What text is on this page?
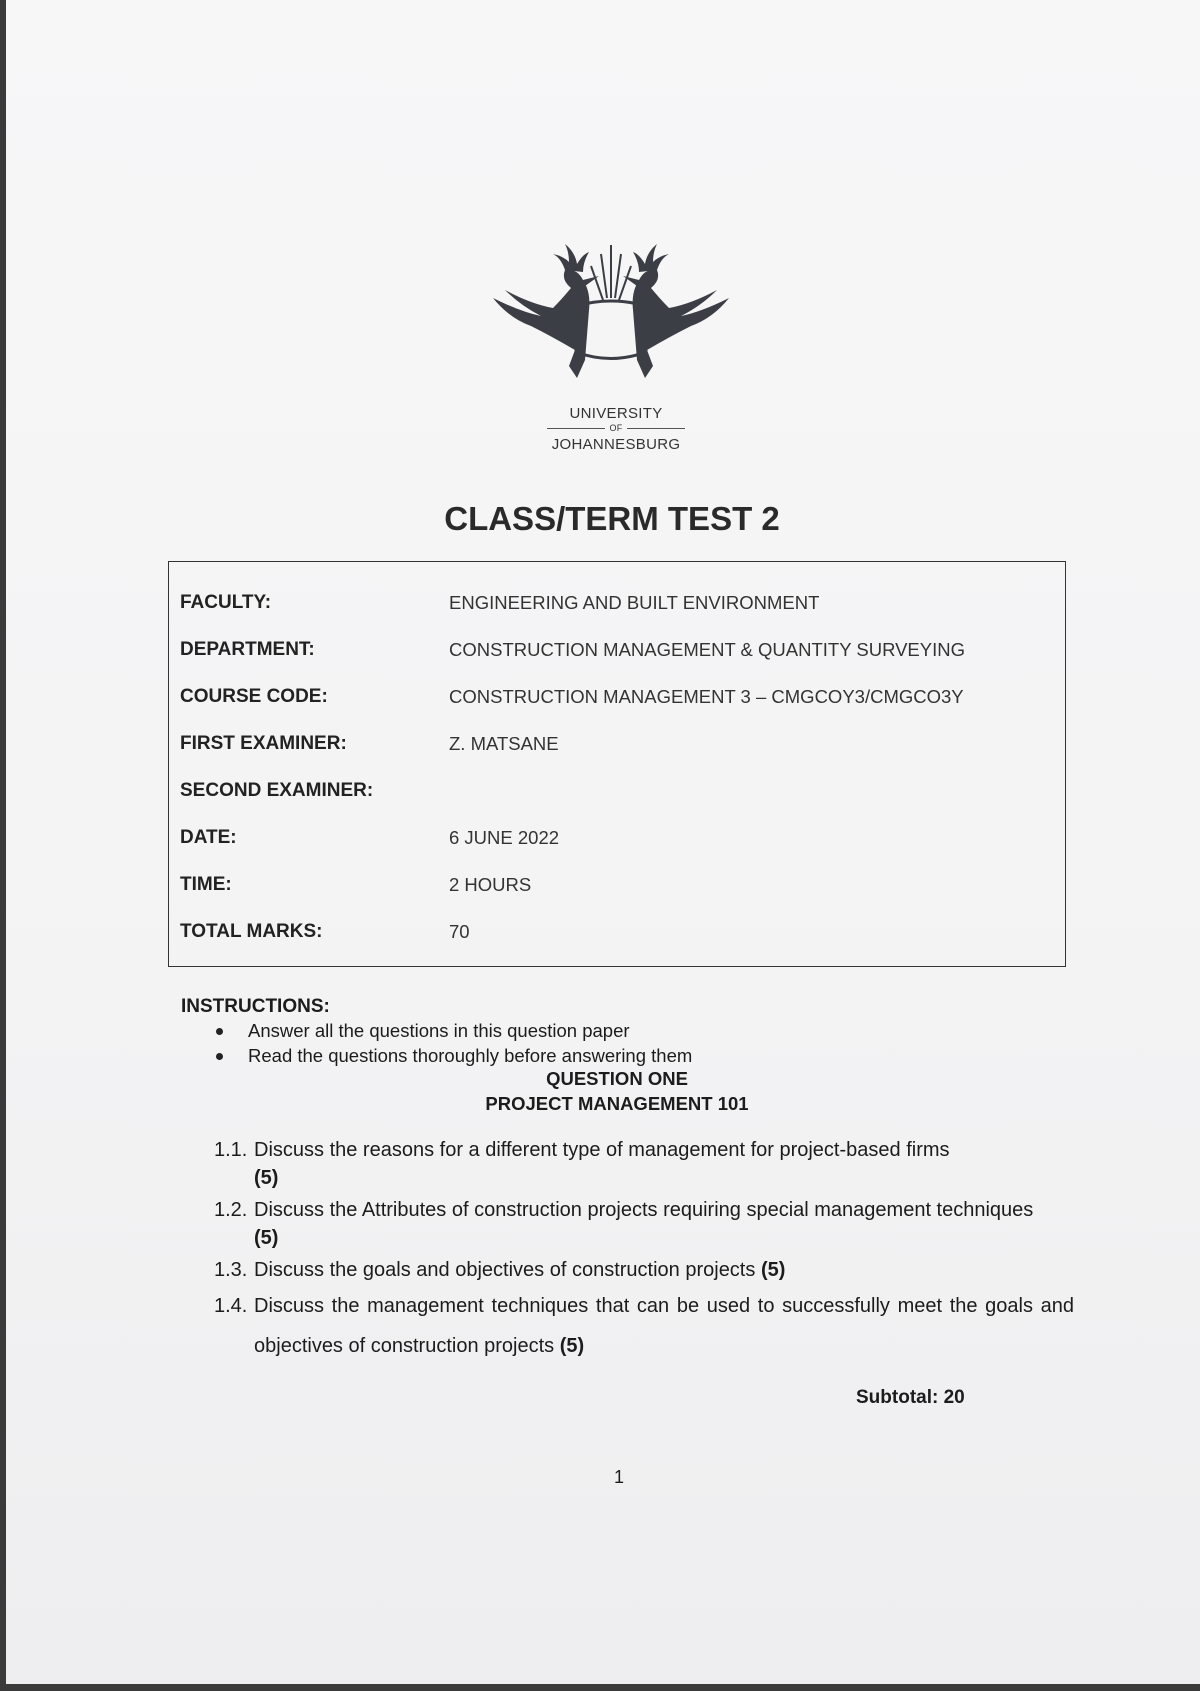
UNIVERSITY
OF
JOHANNESBURG
CLASS/TERM TEST 2
FACULTY:	ENGINEERING AND BUILT ENVIRONMENT
DEPARTMENT:	CONSTRUCTION MANAGEMENT & QUANTITY SURVEYING
COURSE CODE:	CONSTRUCTION MANAGEMENT 3 – CMGCOY3/CMGCO3Y
FIRST EXAMINER:	Z. MATSANE
SECOND EXAMINER:
DATE:	6 JUNE 2022
TIME:	2 HOURS
TOTAL MARKS:	70
INSTRUCTIONS:
Answer all the questions in this question paper
Read the questions thoroughly before answering them
QUESTION ONE
PROJECT MANAGEMENT 101
1.1. Discuss the reasons for a different type of management for project-based firms
(5)
1.2. Discuss the Attributes of construction projects requiring special management techniques (5)
1.3. Discuss the goals and objectives of construction projects (5)
1.4. Discuss the management techniques that can be used to successfully meet the goals and objectives of construction projects (5)
Subtotal: 20
1
